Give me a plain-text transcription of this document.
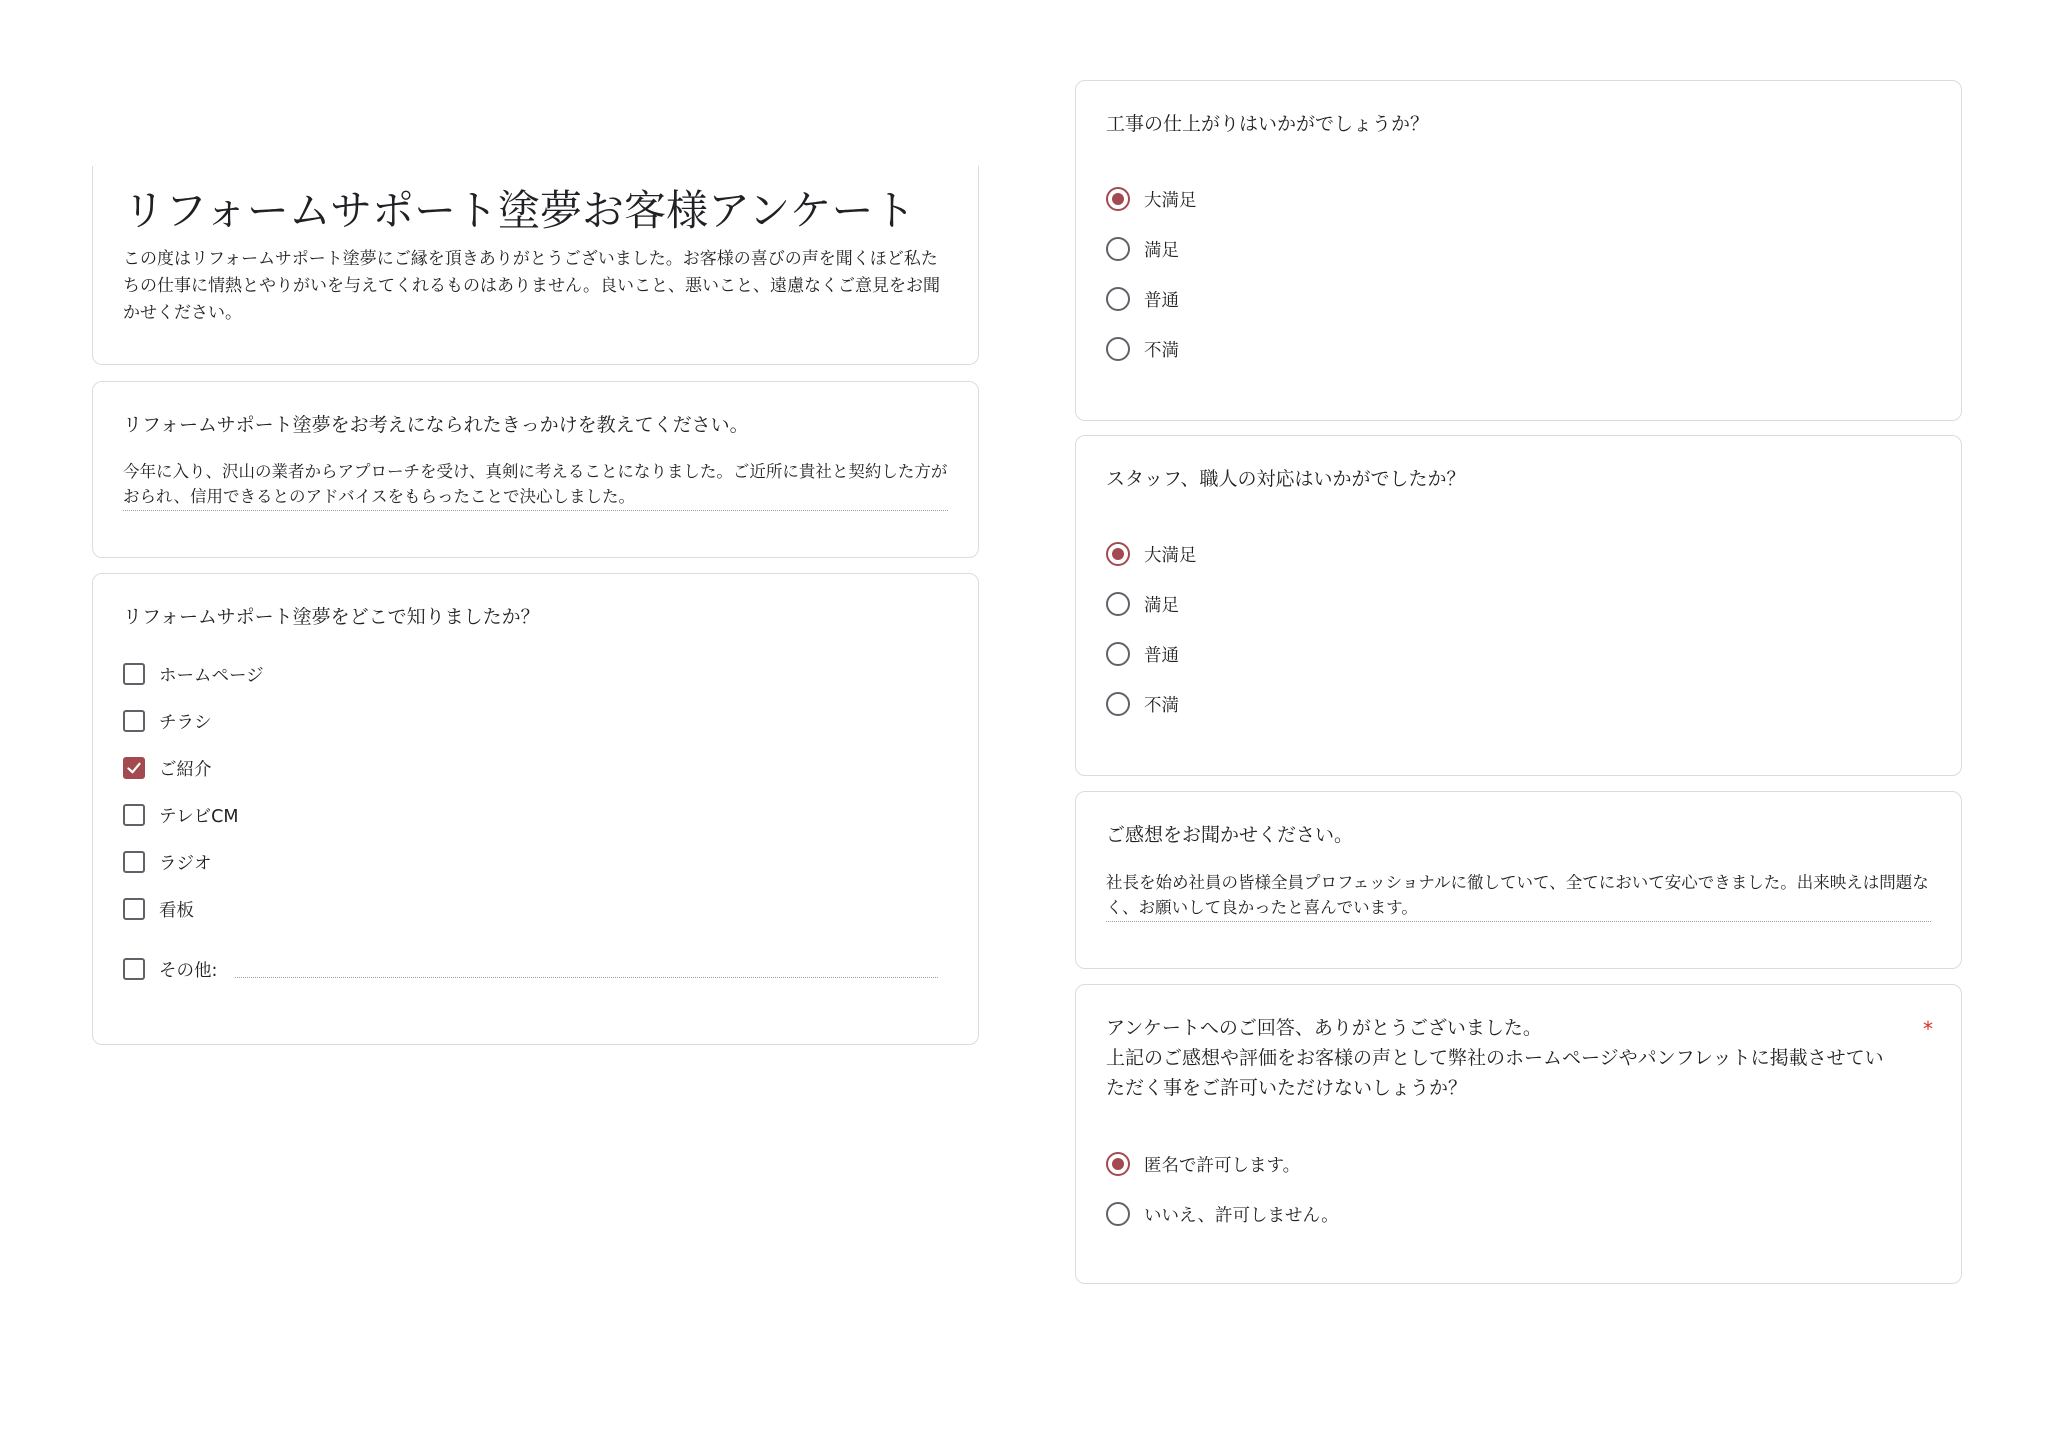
リフォームサポート塗夢お客様アンケート

この度はリフォームサポート塗夢にご縁を頂きありがとうございました。お客様の喜びの声を聞くほど私たちの仕事に情熱とやりがいを与えてくれるものはありません。良いこと、悪いこと、遠慮なくご意見をお聞かせください。

リフォームサポート塗夢をお考えになられたきっかけを教えてください。

今年に入り、沢山の業者からアプローチを受け、真剣に考えることになりました。ご近所に貴社と契約した方がおられ、信用できるとのアドバイスをもらったことで決心しました。

リフォームサポート塗夢をどこで知りましたか？

ホームページ
チラシ
ご紹介
テレビCM
ラジオ
看板
その他:

工事の仕上がりはいかがでしょうか？

大満足
満足
普通
不満

スタッフ、職人の対応はいかがでしたか？

大満足
満足
普通
不満

ご感想をお聞かせください。

社長を始め社員の皆様全員プロフェッショナルに徹していて、全てにおいて安心できました。出来映えは問題なく、お願いして良かったと喜んでいます。

アンケートへのご回答、ありがとうございました。
上記のご感想や評価をお客様の声として弊社のホームページやパンフレットに掲載させていただく事をご許可いただけないしょうか？

*
匿名で許可します。
いいえ、許可しません。
